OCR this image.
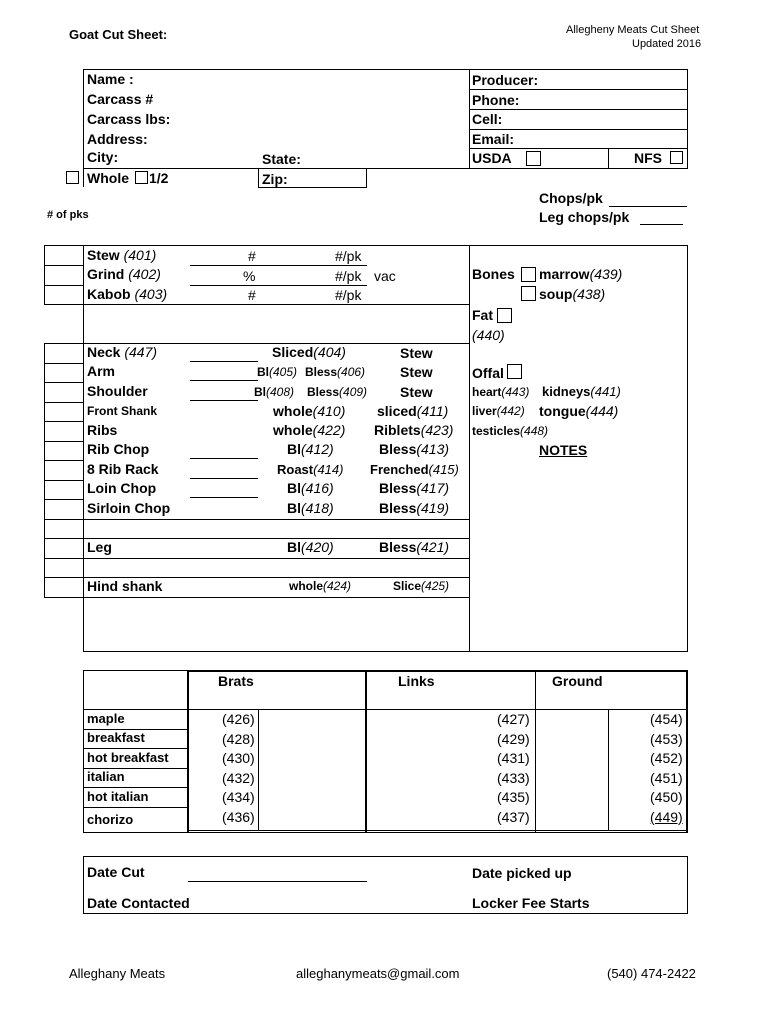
Goat Cut Sheet:	Allegheny Meats Cut Sheet
Updated 2016
Name :
Carcass #
Carcass lbs:
Address:
City:	State:
Zip:
Whole 1/2
Producer:
Phone:
Cell:
Email:
USDA	NFS
Chops/pk
Leg chops/pk
# of pks
Stew (401)	#	#/pk
Grind (402)	%	#/pk vac
Kabob (403)	#	#/pk
Bones marrow(439)
soup(438)
Fat
(440)
Offal
heart(443) kidneys(441)
liver(442) tongue(444)
testicles(448)
NOTES
Neck (447)	Sliced(404)	Stew
Arm	Bl(405) Bless(406) Stew
Shoulder	Bl(408) Bless(409) Stew
Front Shank	whole(410) sliced(411)
Ribs	whole(422) Riblets(423)
Rib Chop	Bl(412)	Bless(413)
8 Rib Rack	Roast(414) Frenched(415)
Loin Chop	Bl(416)	Bless(417)
Sirloin Chop	Bl(418)	Bless(419)
Leg	Bl(420)	Bless(421)
Hind shank	whole(424)	Slice(425)
Brats	Links	Ground
maple	(426)	(427)	(454)
breakfast	(428)	(429)	(453)
hot breakfast	(430)	(431)	(452)
italian	(432)	(433)	(451)
hot italian	(434)	(435)	(450)
chorizo	(436)	(437)	(449)
Date Cut	Date picked up
Date Contacted	Locker Fee Starts
Alleghany Meats	alleghanymeats@gmail.com	(540) 474-2422
